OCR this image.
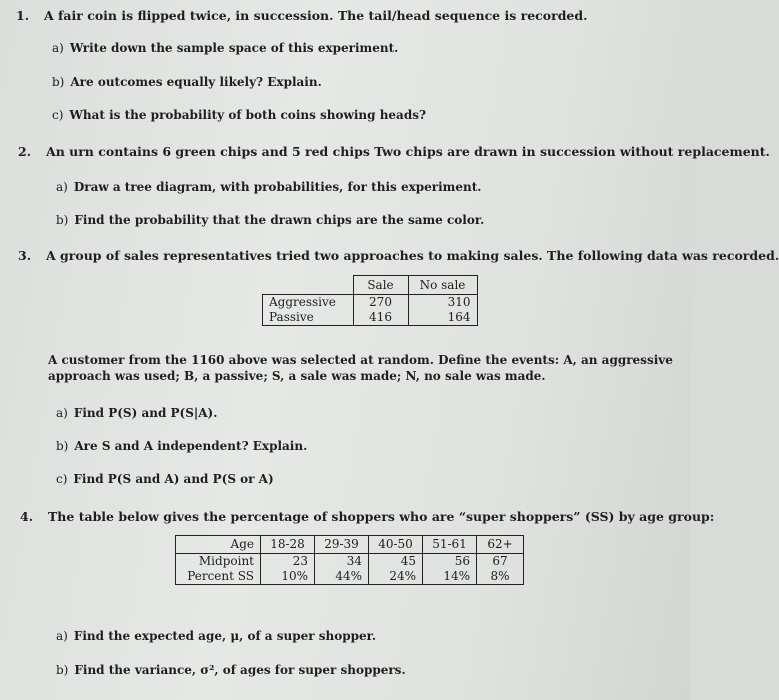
1. A fair coin is flipped twice, in succession. The tail/head sequence is recorded.
a) Write down the sample space of this experiment.
b) Are outcomes equally likely? Explain.
c) What is the probability of both coins showing heads?
2. An urn contains 6 green chips and 5 red chips Two chips are drawn in succession without replacement.
a) Draw a tree diagram, with probabilities, for this experiment.
b) Find the probability that the drawn chips are the same color.
3. A group of sales representatives tried two approaches to making sales. The following data was recorded.
	Sale	No sale
Aggressive	270	310
Passive	416	164
A customer from the 1160 above was selected at random. Define the events: A, an aggressive approach was used; B, a passive; S, a sale was made; N, no sale was made.
a) Find P(S) and P(S|A).
b) Are S and A independent? Explain.
c) Find P(S and A) and P(S or A)
4. The table below gives the percentage of shoppers who are “super shoppers” (SS) by age group:
Age	18-28	29-39	40-50	51-61	62+
Midpoint	23	34	45	56	67
Percent SS	10%	44%	24%	14%	8%
a) Find the expected age, μ, of a super shopper.
b) Find the variance, σ², of ages for super shoppers.
